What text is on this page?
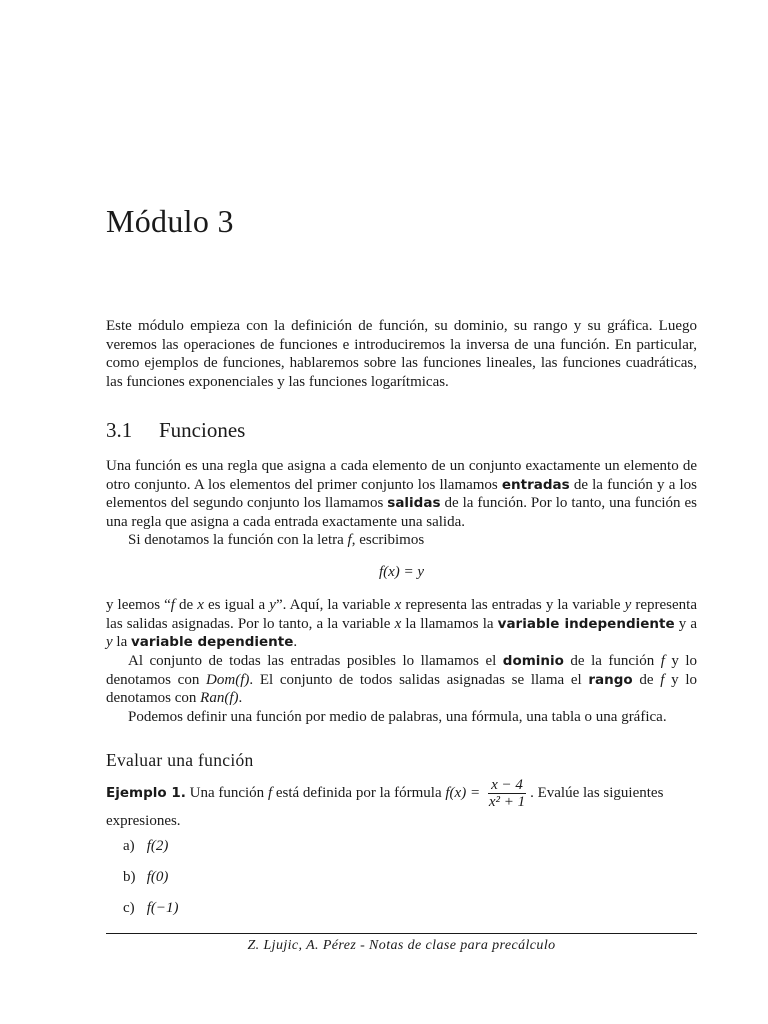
Módulo 3

Este módulo empieza con la definición de función, su dominio, su rango y su gráfica. Luego veremos las operaciones de funciones e introduciremos la inversa de una función. En particular, como ejemplos de funciones, hablaremos sobre las funciones lineales, las funciones cuadráticas, las funciones exponenciales y las funciones logarítmicas.

3.1 Funciones

Una función es una regla que asigna a cada elemento de un conjunto exactamente un elemento de otro conjunto. A los elementos del primer conjunto los llamamos entradas de la función y a los elementos del segundo conjunto los llamamos salidas de la función. Por lo tanto, una función es una regla que asigna a cada entrada exactamente una salida.

Si denotamos la función con la letra f, escribimos

f(x) = y

y leemos “f de x es igual a y”. Aquí, la variable x representa las entradas y la variable y representa las salidas asignadas. Por lo tanto, a la variable x la llamamos la variable independiente y a y la variable dependiente.

Al conjunto de todas las entradas posibles lo llamamos el dominio de la función f y lo denotamos con Dom(f). El conjunto de todos salidas asignadas se llama el rango de f y lo denotamos con Ran(f).

Podemos definir una función por medio de palabras, una fórmula, una tabla o una gráfica.

Evaluar una función
Ejemplo 1. Una función f está definida por la fórmula $f(x) = \frac{x - 4}{\text{x² + 1}}$ . Evalúe las siguientes
expresiones.
a) f(2)
b) f(0)
c) f(−1)
Z. Ljujic, A. Pérez - Notas de clase para precálculo
